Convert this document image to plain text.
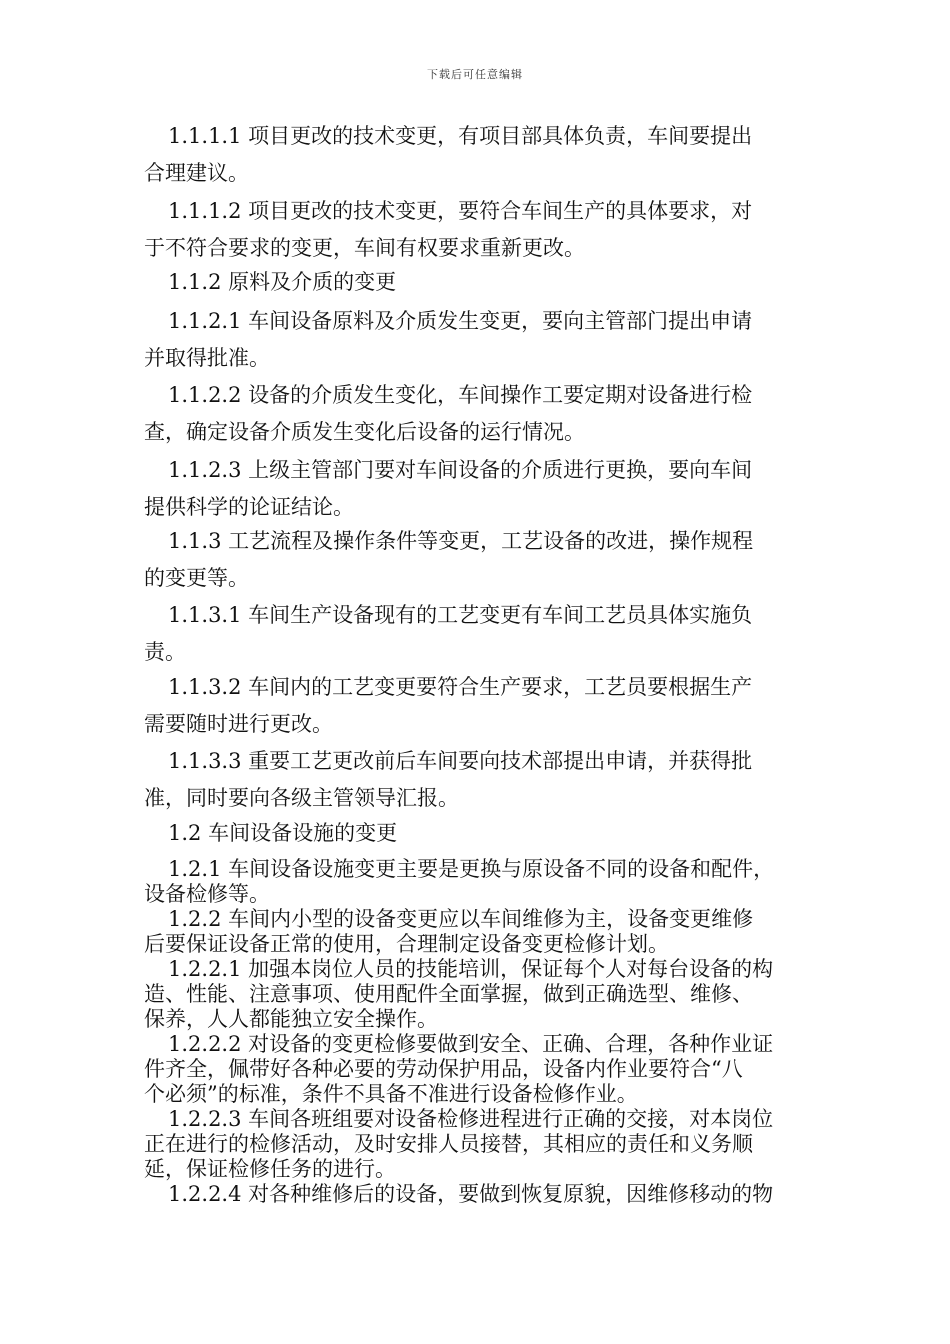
下载后可任意编辑
1.1.1.1 项目更改的技术变更，有项目部具体负责，车间要提出
合理建议。
1.1.1.2 项目更改的技术变更，要符合车间生产的具体要求，对
于不符合要求的变更，车间有权要求重新更改。
1.1.2 原料及介质的变更
1.1.2.1 车间设备原料及介质发生变更，要向主管部门提出申请
并取得批准。
1.1.2.2 设备的介质发生变化，车间操作工要定期对设备进行检
查，确定设备介质发生变化后设备的运行情况。
1.1.2.3 上级主管部门要对车间设备的介质进行更换，要向车间
提供科学的论证结论。
1.1.3 工艺流程及操作条件等变更，工艺设备的改进，操作规程
的变更等。
1.1.3.1 车间生产设备现有的工艺变更有车间工艺员具体实施负
责。
1.1.3.2 车间内的工艺变更要符合生产要求，工艺员要根据生产
需要随时进行更改。
1.1.3.3 重要工艺更改前后车间要向技术部提出申请，并获得批
准，同时要向各级主管领导汇报。
1.2 车间设备设施的变更
1.2.1 车间设备设施变更主要是更换与原设备不同的设备和配件，
设备检修等。
1.2.2 车间内小型的设备变更应以车间维修为主，设备变更维修
后要保证设备正常的使用，合理制定设备变更检修计划。
1.2.2.1 加强本岗位人员的技能培训，保证每个人对每台设备的构
造、性能、注意事项、使用配件全面掌握，做到正确选型、维修、
保养，人人都能独立安全操作。
1.2.2.2 对设备的变更检修要做到安全、正确、合理，各种作业证
件齐全，佩带好各种必要的劳动保护用品，设备内作业要符合“八
个必须”的标准，条件不具备不准进行设备检修作业。
1.2.2.3 车间各班组要对设备检修进程进行正确的交接，对本岗位
正在进行的检修活动，及时安排人员接替，其相应的责任和义务顺
延，保证检修任务的进行。
1.2.2.4 对各种维修后的设备，要做到恢复原貌，因维修移动的物
